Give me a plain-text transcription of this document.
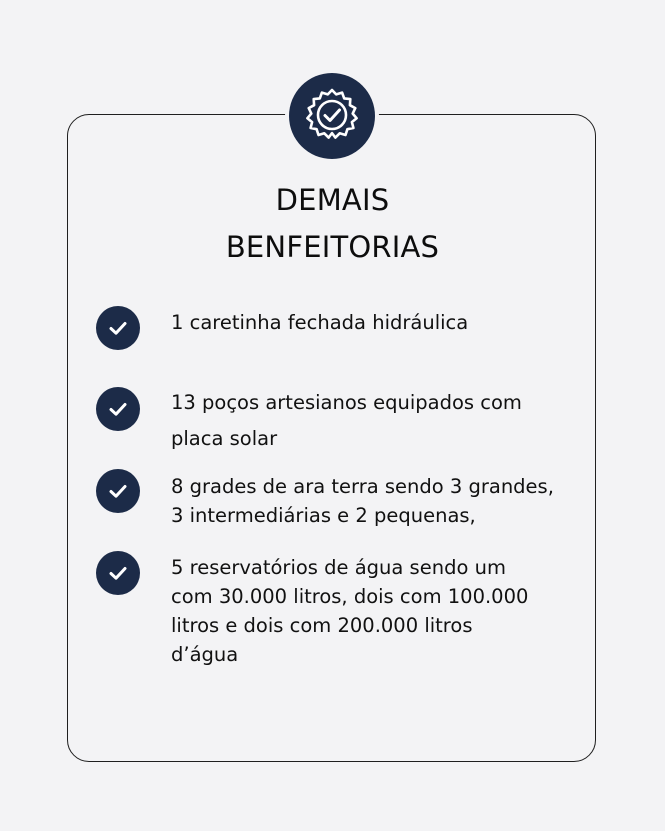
DEMAIS
BENFEITORIAS
1 caretinha fechada hidráulica
13 poços artesianos equipados com
placa solar
8 grades de ara terra sendo 3 grandes,
3 intermediárias e 2 pequenas,
5 reservatórios de água sendo um
com 30.000 litros, dois com 100.000
litros e dois com 200.000 litros
d’água
